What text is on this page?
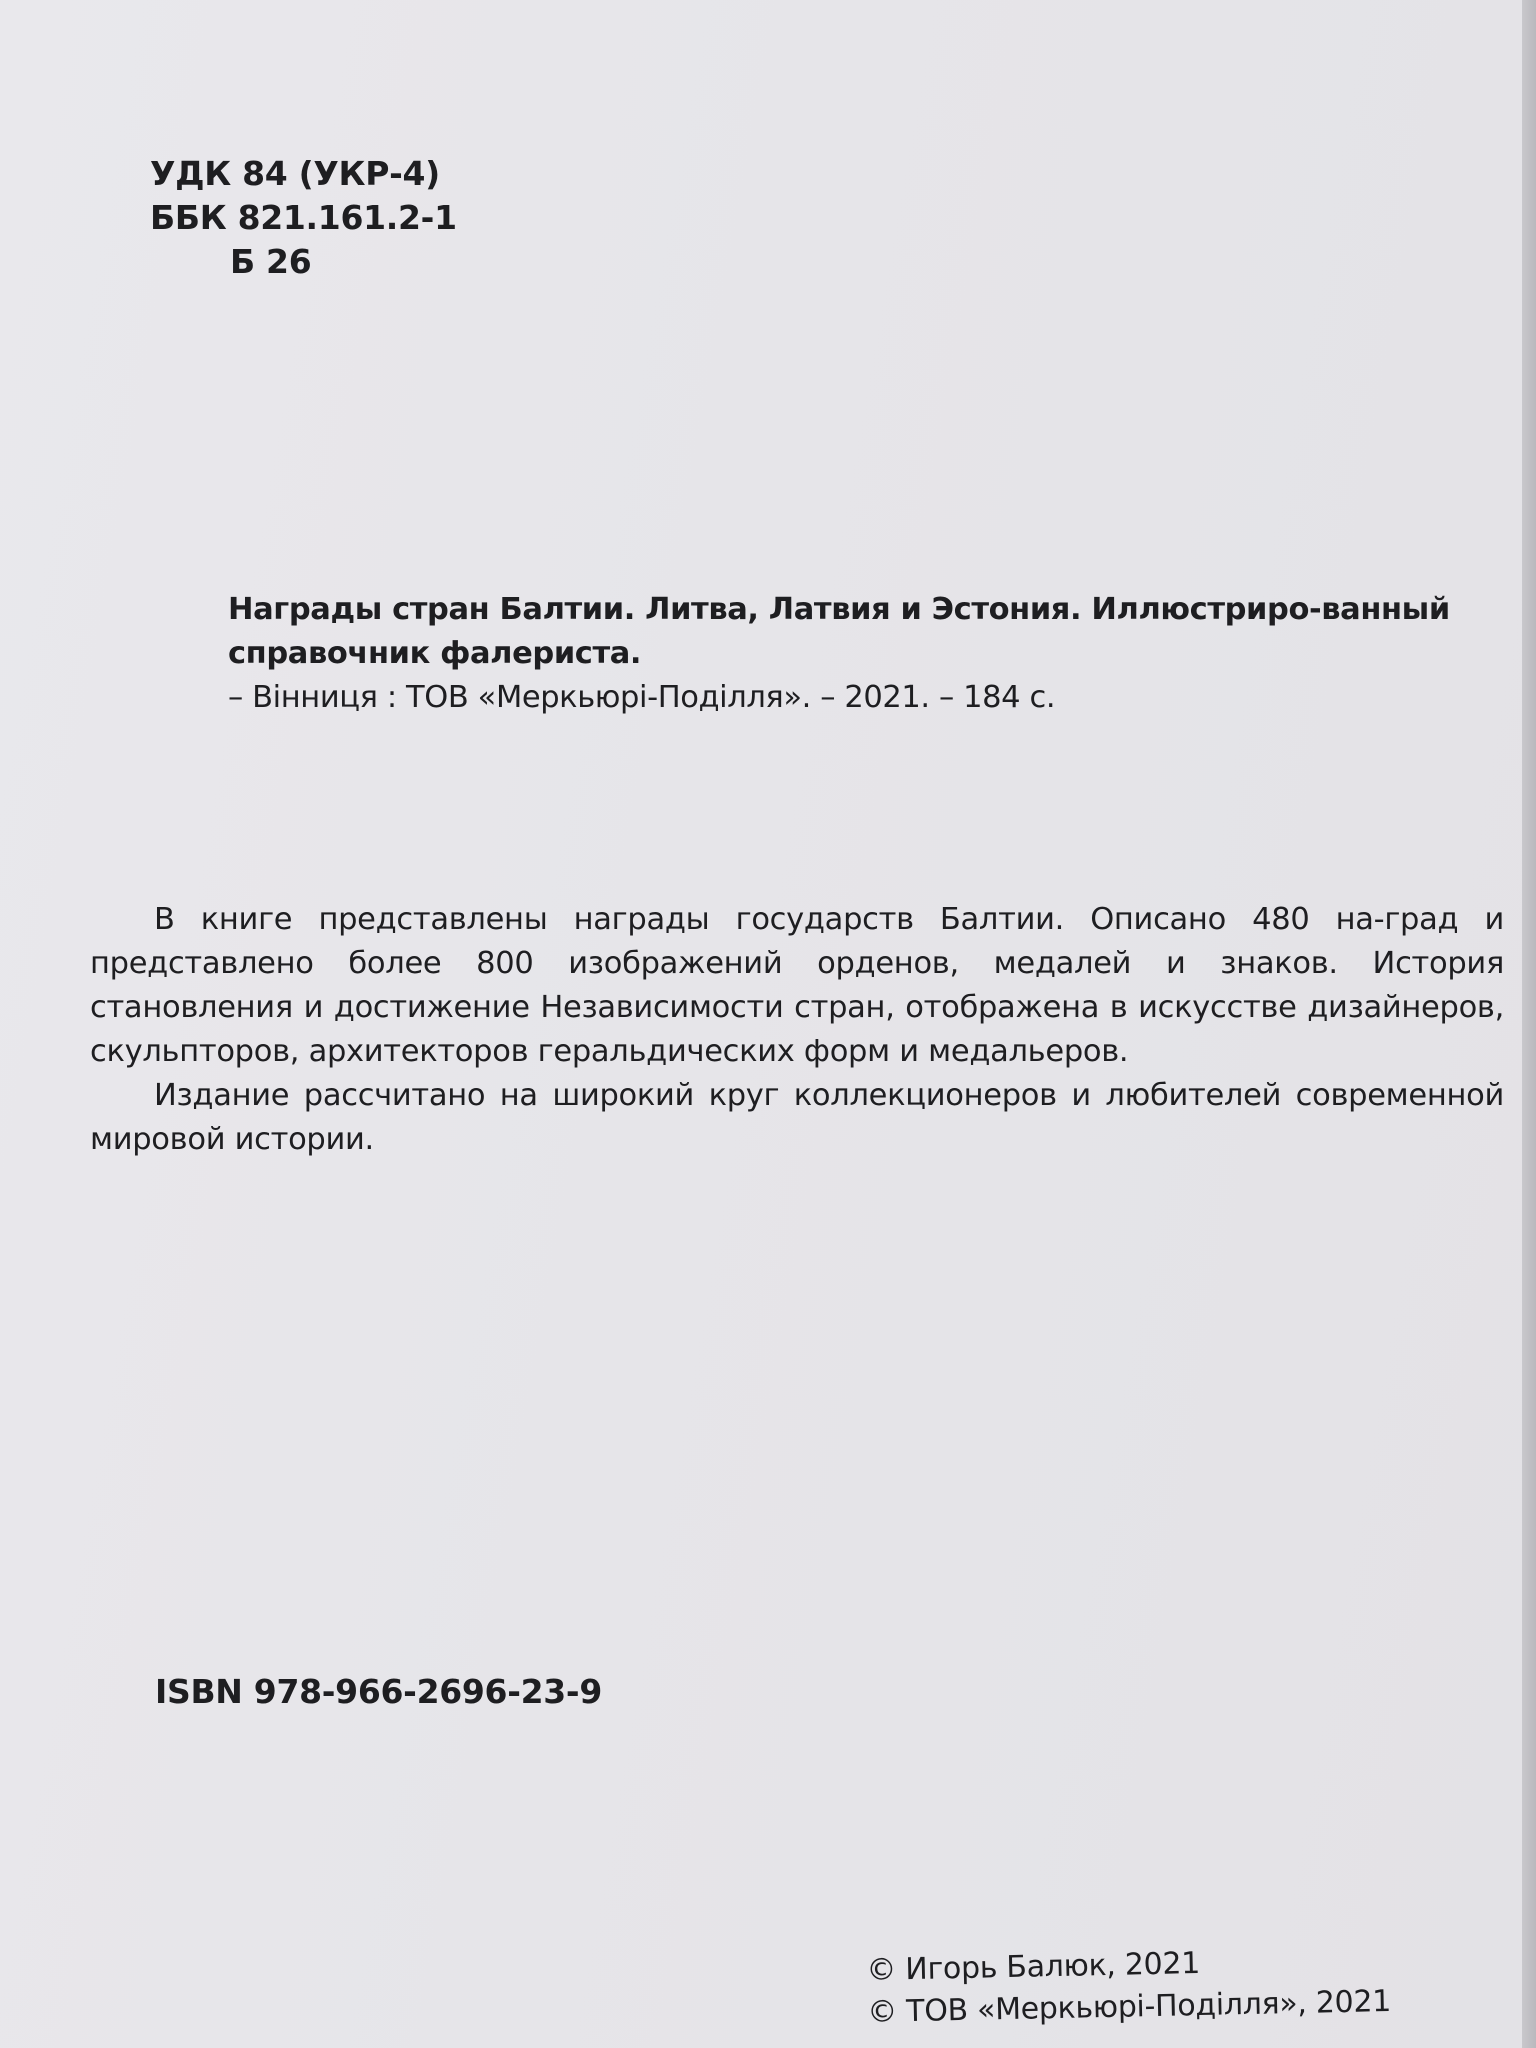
УДК 84 (УКР-4)
ББК 821.161.2-1
Б 26
Награды стран Балтии. Литва, Латвия и Эстония. Иллюстриро-ванный справочник фалериста.
– Вінниця : ТОВ «Меркьюрі-Поділля». – 2021. – 184 с.

В книге представлены награды государств Балтии. Описано 480 на-град и представлено более 800 изображений орденов, медалей и знаков. История становления и достижение Независимости стран, отображена в искусстве дизайнеров, скульпторов, архитекторов геральдических форм и медальеров.

Издание рассчитано на широкий круг коллекционеров и любителей современной мировой истории.

ISBN 978-966-2696-23-9
© Игорь Балюк, 2021
© ТОВ «Меркьюрі-Поділля», 2021
